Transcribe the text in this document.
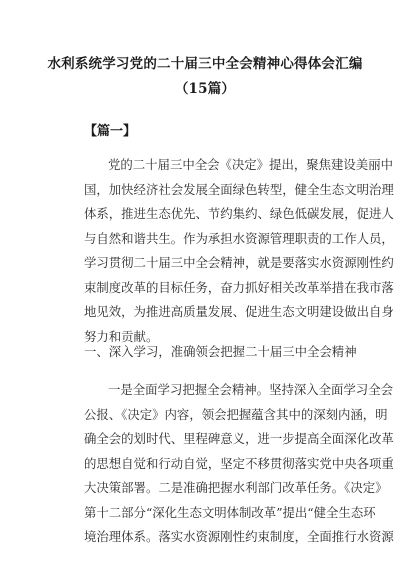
水利系统学习党的二十届三中全会精神心得体会汇编
（15篇）
【篇一】
党的二十届三中全会《决定》提出，聚焦建设美丽中
国，加快经济社会发展全面绿色转型，健全生态文明治理
体系，推进生态优先、节约集约、绿色低碳发展，促进人
与自然和谐共生。作为承担水资源管理职责的工作人员，
学习贯彻二十届三中全会精神，就是要落实水资源刚性约
束制度改革的目标任务，奋力抓好相关改革举措在我市落
地见效，为推进高质量发展、促进生态文明建设做出自身
努力和贡献。
一、深入学习，准确领会把握二十届三中全会精神
一是全面学习把握全会精神。坚持深入全面学习全会
公报、《决定》内容，领会把握蕴含其中的深刻内涵，明
确全会的划时代、里程碑意义，进一步提高全面深化改革
的思想自觉和行动自觉，坚定不移贯彻落实党中央各项重
大决策部署。二是准确把握水利部门改革任务。《决定》
第十二部分“深化生态文明体制改革”提出“健全生态环
境治理体系。落实水资源刚性约束制度，全面推行水资源
